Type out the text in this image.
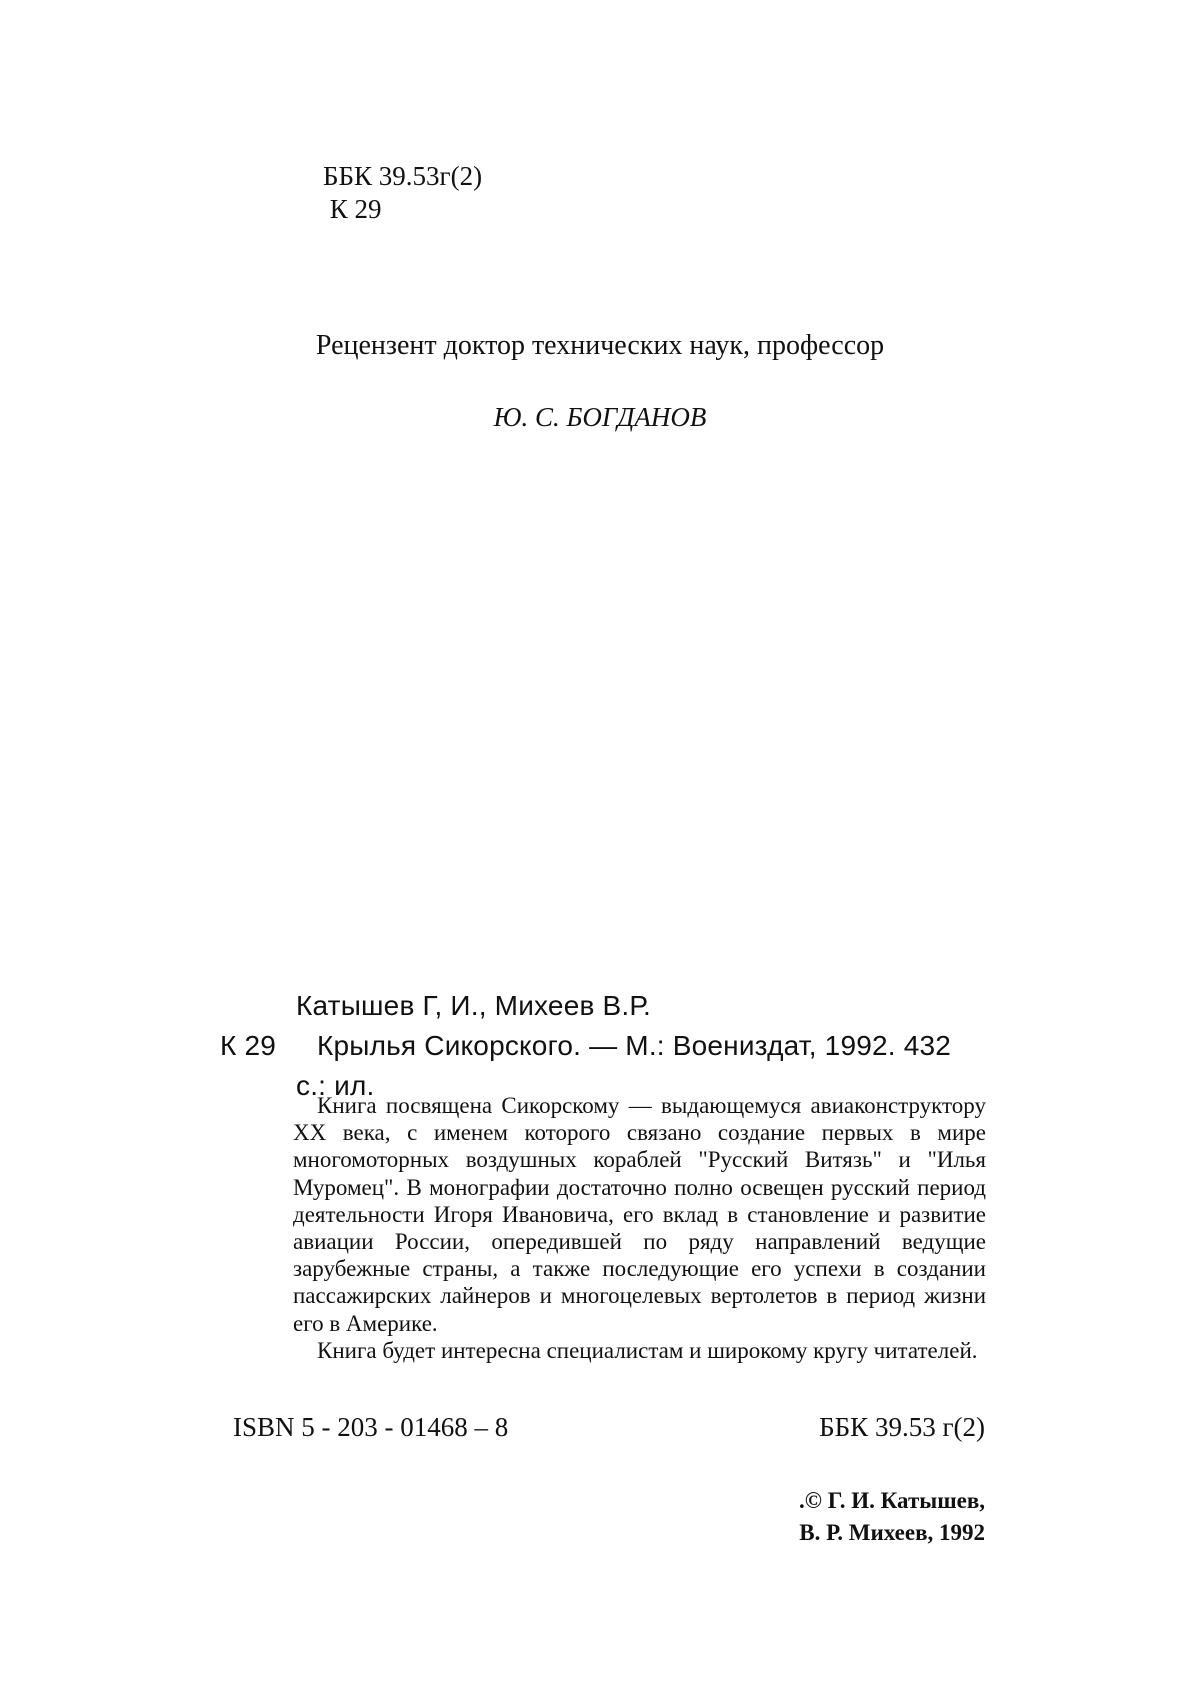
ББК 39.53г(2)
К 29
Рецензент доктор технических наук, профессор
Ю. С. БОГДАНОВ
Катышев Г, И., Михеев В.Р.
К 29 Крылья Сикорского. — М.: Воениздат, 1992. 432
с.: ил.

Книга посвящена Сикорскому — выдающемуся авиаконструктору XX века, с именем которого связано создание первых в мире многомоторных воздушных кораблей "Русский Витязь" и "Илья Муромец". В монографии достаточно полно освещен русский период деятельности Игоря Ивановича, его вклад в становление и развитие авиации России, опередившей по ряду направлений ведущие зарубежные страны, а также последующие его успехи в создании пассажирских лайнеров и многоцелевых вертолетов в период жизни его в Америке.

Книга будет интересна специалистам и широкому кругу читателей.

ISBN 5 - 203 - 01468 – 8	ББК 39.53 г(2)
.© Г. И. Катышев,
В. Р. Михеев, 1992
